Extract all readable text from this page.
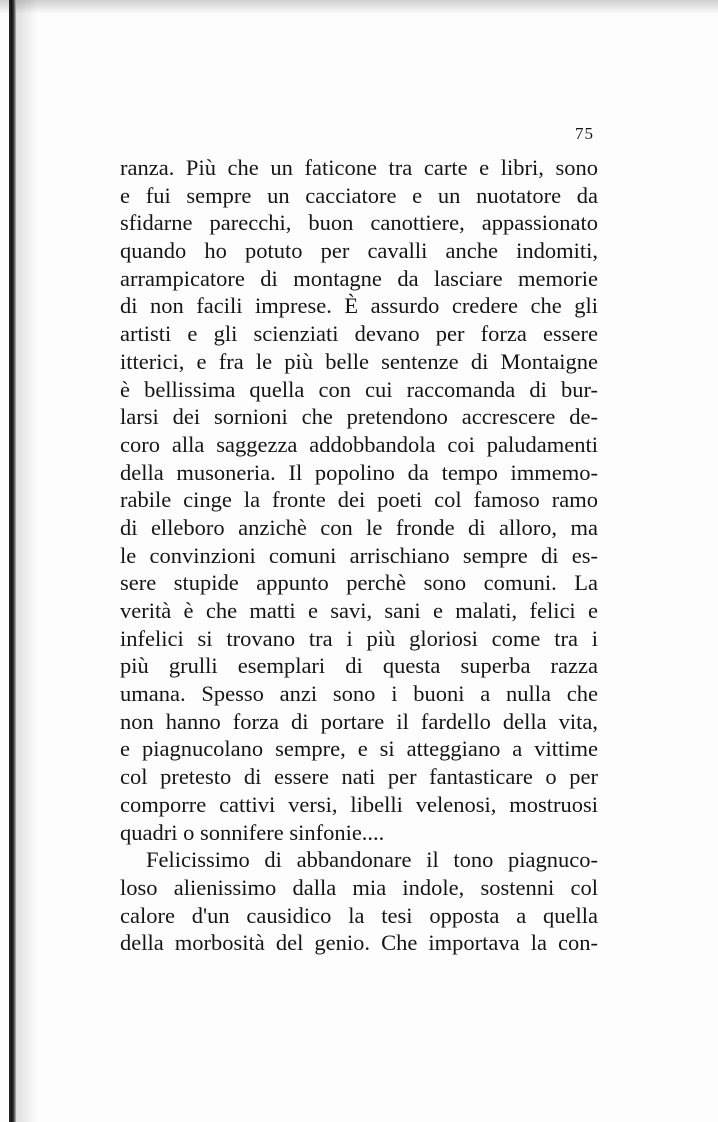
75
ranza. Più che un faticone tra carte e libri, sono
e fui sempre un cacciatore e un nuotatore da
sfidarne parecchi, buon canottiere, appassionato
quando ho potuto per cavalli anche indomiti,
arrampicatore di montagne da lasciare memorie
di non facili imprese. È assurdo credere che gli
artisti e gli scienziati devano per forza essere
itterici, e fra le più belle sentenze di Montaigne
è bellissima quella con cui raccomanda di bur-
larsi dei sornioni che pretendono accrescere de-
coro alla saggezza addobbandola coi paludamenti
della musoneria. Il popolino da tempo immemo-
rabile cinge la fronte dei poeti col famoso ramo
di elleboro anzichè con le fronde di alloro, ma
le convinzioni comuni arrischiano sempre di es-
sere stupide appunto perchè sono comuni. La
verità è che matti e savi, sani e malati, felici e
infelici si trovano tra i più gloriosi come tra i
più grulli esemplari di questa superba razza
umana. Spesso anzi sono i buoni a nulla che
non hanno forza di portare il fardello della vita,
e piagnucolano sempre, e si atteggiano a vittime
col pretesto di essere nati per fantasticare o per
comporre cattivi versi, libelli velenosi, mostruosi
quadri o sonnifere sinfonie....
Felicissimo di abbandonare il tono piagnuco-
loso alienissimo dalla mia indole, sostenni col
calore d'un causidico la tesi opposta a quella
della morbosità del genio. Che importava la con-
